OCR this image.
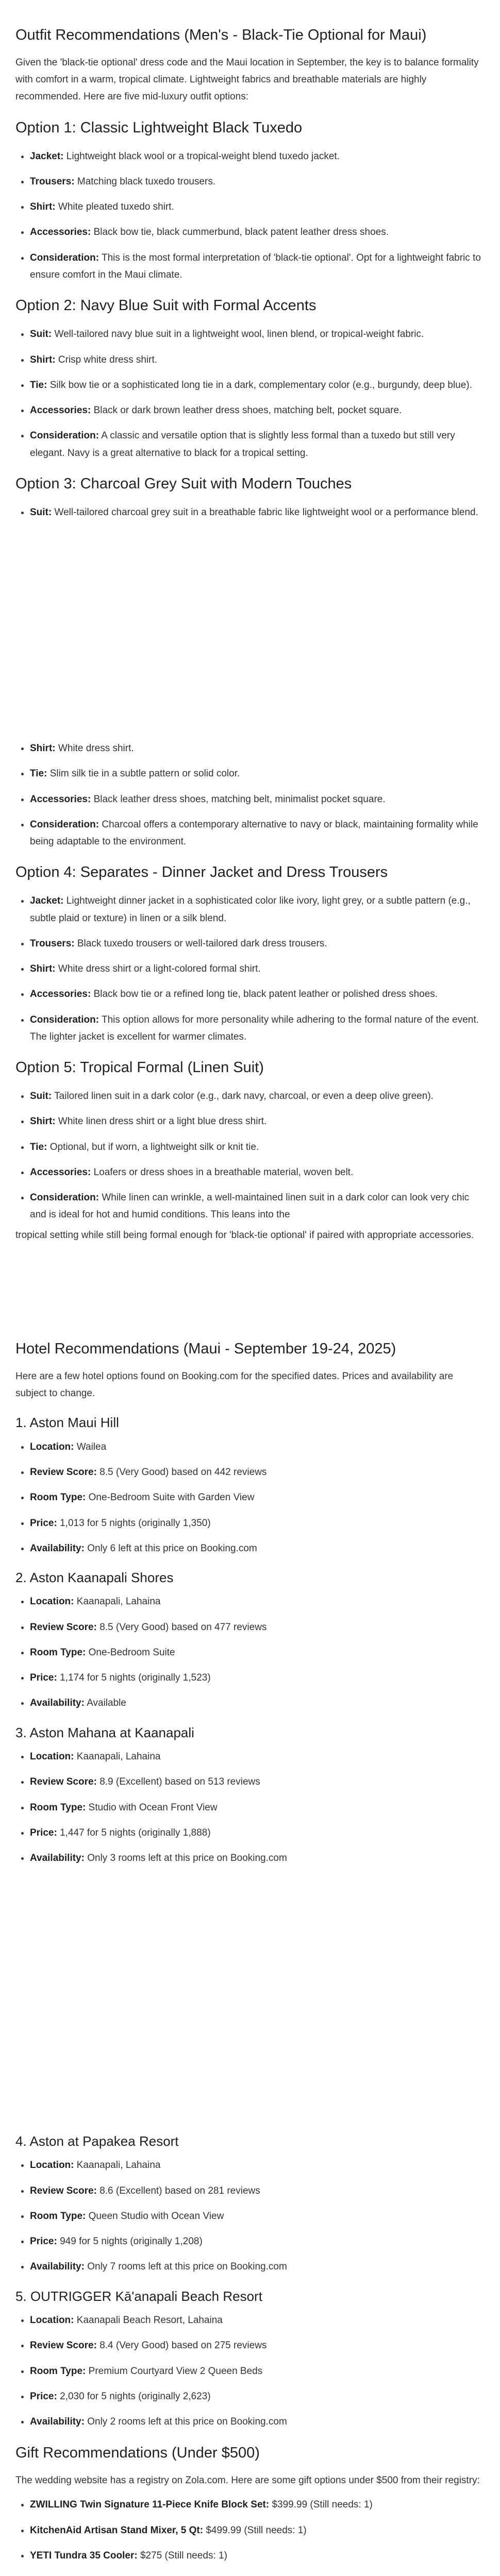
Outfit Recommendations (Men's - Black-Tie Optional for Maui)

Given the 'black-tie optional' dress code and the Maui location in September, the key is to balance formality with comfort in a warm, tropical climate. Lightweight fabrics and breathable materials are highly recommended. Here are five mid-luxury outfit options:

Option 1: Classic Lightweight Black Tuxedo
• Jacket: Lightweight black wool or a tropical-weight blend tuxedo jacket.
• Trousers: Matching black tuxedo trousers.
• Shirt: White pleated tuxedo shirt.
• Accessories: Black bow tie, black cummerbund, black patent leather dress shoes.
• Consideration: This is the most formal interpretation of 'black-tie optional'. Opt for a lightweight fabric to ensure comfort in the Maui climate.
Option 2: Navy Blue Suit with Formal Accents
• Suit: Well-tailored navy blue suit in a lightweight wool, linen blend, or tropical-weight fabric.
• Shirt: Crisp white dress shirt.
• Tie: Silk bow tie or a sophisticated long tie in a dark, complementary color (e.g., burgundy, deep blue).
• Accessories: Black or dark brown leather dress shoes, matching belt, pocket square.
• Consideration: A classic and versatile option that is slightly less formal than a tuxedo but still very elegant. Navy is a great alternative to black for a tropical setting.
Option 3: Charcoal Grey Suit with Modern Touches
• Suit: Well-tailored charcoal grey suit in a breathable fabric like lightweight wool or a performance blend.
• Shirt: White dress shirt.
• Tie: Slim silk tie in a subtle pattern or solid color.
• Accessories: Black leather dress shoes, matching belt, minimalist pocket square.
• Consideration: Charcoal offers a contemporary alternative to navy or black, maintaining formality while being adaptable to the environment.
Option 4: Separates - Dinner Jacket and Dress Trousers
• Jacket: Lightweight dinner jacket in a sophisticated color like ivory, light grey, or a subtle pattern (e.g., subtle plaid or texture) in linen or a silk blend.
• Trousers: Black tuxedo trousers or well-tailored dark dress trousers.
• Shirt: White dress shirt or a light-colored formal shirt.
• Accessories: Black bow tie or a refined long tie, black patent leather or polished dress shoes.
• Consideration: This option allows for more personality while adhering to the formal nature of the event. The lighter jacket is excellent for warmer climates.
Option 5: Tropical Formal (Linen Suit)
• Suit: Tailored linen suit in a dark color (e.g., dark navy, charcoal, or even a deep olive green).
• Shirt: White linen dress shirt or a light blue dress shirt.
• Tie: Optional, but if worn, a lightweight silk or knit tie.
• Accessories: Loafers or dress shoes in a breathable material, woven belt.
• Consideration: While linen can wrinkle, a well-maintained linen suit in a dark color can look very chic and is ideal for hot and humid conditions. This leans into the

tropical setting while still being formal enough for 'black-tie optional' if paired with appropriate accessories.

Hotel Recommendations (Maui - September 19-24, 2025)

Here are a few hotel options found on Booking.com for the specified dates. Prices and availability are subject to change.

1. Aston Maui Hill
• Location: Wailea
• Review Score: 8.5 (Very Good) based on 442 reviews
• Room Type: One-Bedroom Suite with Garden View
• Price: 1,013 for 5 nights (originally 1,350)
• Availability: Only 6 left at this price on Booking.com
2. Aston Kaanapali Shores
• Location: Kaanapali, Lahaina
• Review Score: 8.5 (Very Good) based on 477 reviews
• Room Type: One-Bedroom Suite
• Price: 1,174 for 5 nights (originally 1,523)
• Availability: Available
3. Aston Mahana at Kaanapali
• Location: Kaanapali, Lahaina
• Review Score: 8.9 (Excellent) based on 513 reviews
• Room Type: Studio with Ocean Front View
• Price: 1,447 for 5 nights (originally 1,888)
• Availability: Only 3 rooms left at this price on Booking.com
4. Aston at Papakea Resort
• Location: Kaanapali, Lahaina
• Review Score: 8.6 (Excellent) based on 281 reviews
• Room Type: Queen Studio with Ocean View
• Price: 949 for 5 nights (originally 1,208)
• Availability: Only 7 rooms left at this price on Booking.com
5. OUTRIGGER Kā'anapali Beach Resort
• Location: Kaanapali Beach Resort, Lahaina
• Review Score: 8.4 (Very Good) based on 275 reviews
• Room Type: Premium Courtyard View 2 Queen Beds
• Price: 2,030 for 5 nights (originally 2,623)
• Availability: Only 2 rooms left at this price on Booking.com
Gift Recommendations (Under $500)

The wedding website has a registry on Zola.com. Here are some gift options under $500 from their registry:

• ZWILLING Twin Signature 11-Piece Knife Block Set: $399.99 (Still needs: 1)
• KitchenAid Artisan Stand Mixer, 5 Qt: $499.99 (Still needs: 1)
• YETI Tundra 35 Cooler: $275 (Still needs: 1)
•
